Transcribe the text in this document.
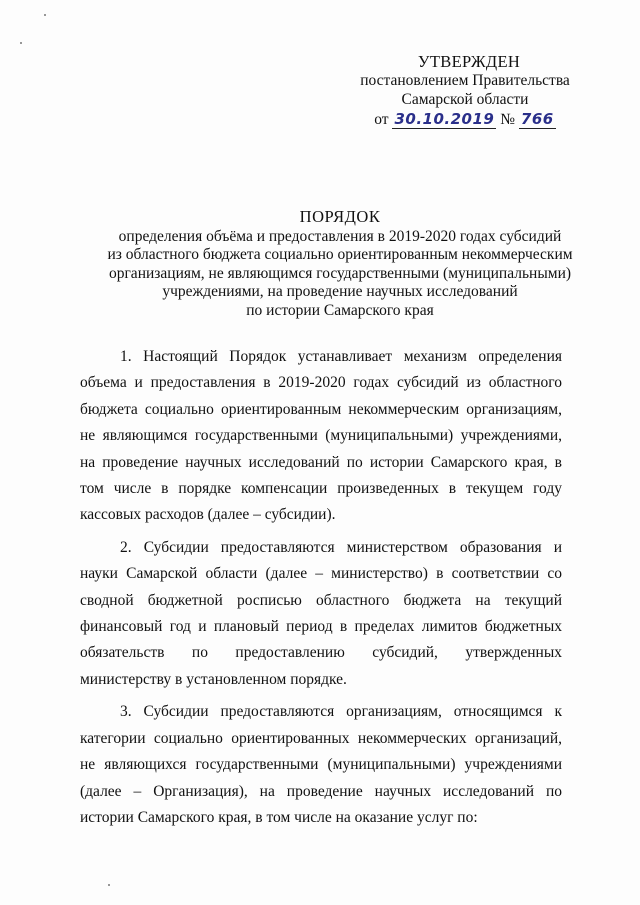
УТВЕРЖДЕН
постановлением Правительства
Самарской области
от 30.10.2019 № 766
ПОРЯДОК
определения объёма и предоставления в 2019-2020 годах субсидий
из областного бюджета социально ориентированным некоммерческим
организациям, не являющимся государственными (муниципальными)
учреждениями, на проведение научных исследований
по истории Самарского края

1. Настоящий Порядок устанавливает механизм определения объема и предоставления в 2019-2020 годах субсидий из областного бюджета социально ориентированным некоммерческим организациям, не являющимся государственными (муниципальными) учреждениями, на проведение научных исследований по истории Самарского края, в том числе в порядке компенсации произведенных в текущем году кассовых расходов (далее – субсидии).

2. Субсидии предоставляются министерством образования и науки Самарской области (далее – министерство) в соответствии со сводной бюджетной росписью областного бюджета на текущий финансовый год и плановый период в пределах лимитов бюджетных обязательств по предоставлению субсидий, утвержденных министерству в установленном порядке.

3. Субсидии предоставляются организациям, относящимся к категории социально ориентированных некоммерческих организаций, не являющихся государственными (муниципальными) учреждениями (далее – Организация), на проведение научных исследований по истории Самарского края, в том числе на оказание услуг по:
